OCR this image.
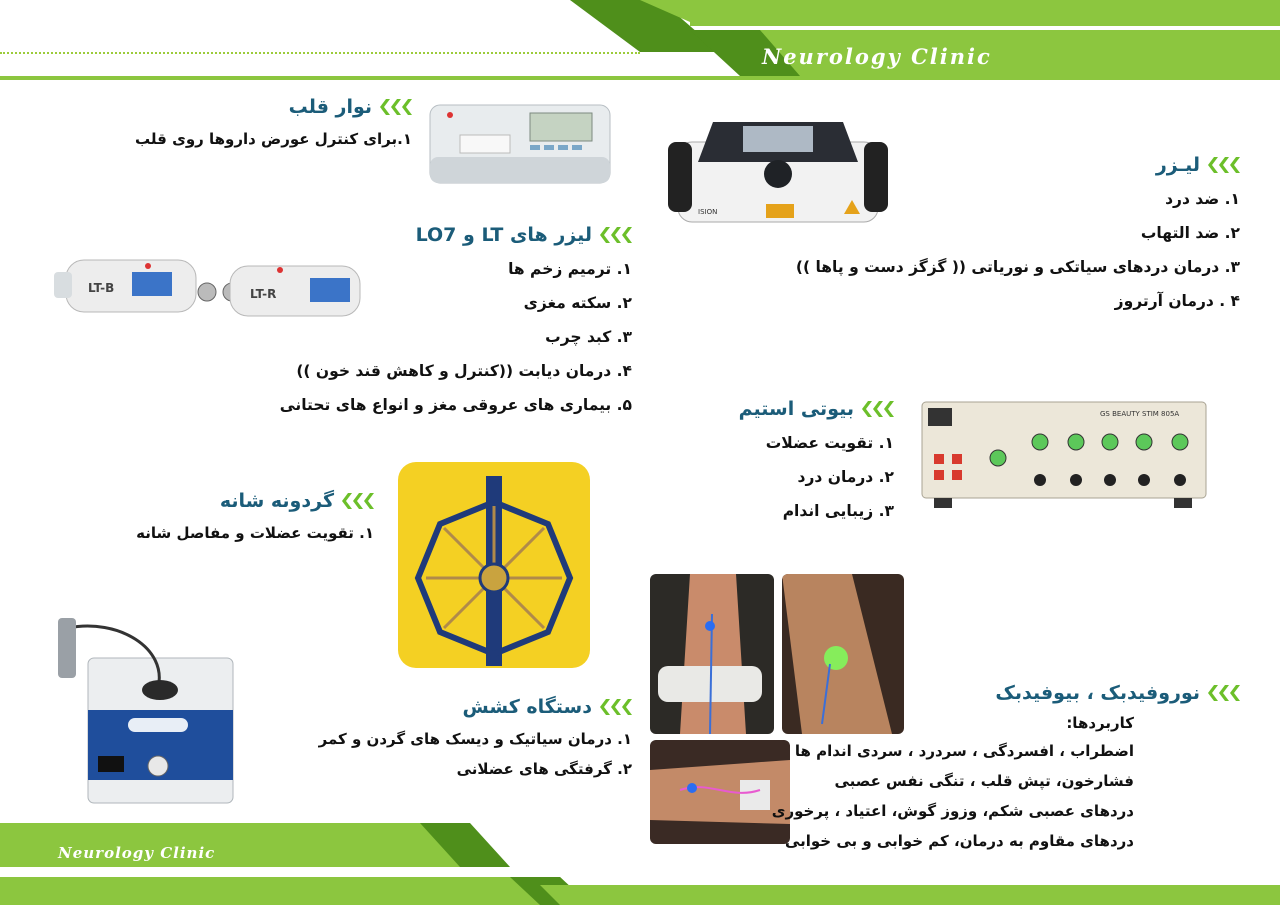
Neurology Clinic
Neurology Clinic
ISION
LT-B	LT-R
GS BEAUTY STIM 805A
نوار قلب
۱.برای کنترل عورض داروها روی قلب
لیـزر
۱. ضد درد
۲. ضد التهاب
۳. درمان دردهای سیاتکی و نوریاتی (( گزگز دست و پاها ))
۴ . درمان آرتروز
لیزر های LT و LO7
۱. ترمیم زخم ها
۲. سکته مغزی
۳. کبد چرب
۴. درمان دیابت ((کنترل و کاهش قند خون ))
۵. بیماری های عروقی مغز و انواع های تحتانی	بیوتی استیم
۱. تقویت عضلات
۲. درمان درد
۳. زیبایی اندام
گردونه شانه
۱. تقویت عضلات و مفاصل شانه
دستگاه کشش
۱. درمان سیاتیک و دیسک های گردن و کمر
۲. گرفتگی های عضلانی
نوروفیدبک ، بیوفیدبک
کاربردها:
اضطراب ، افسردگی ، سردرد ، سردی اندام ها
فشارخون، تپش قلب ، تنگی نفس عصبی
دردهای عصبی شکم، وزوز گوش، اعتیاد ، پرخوری
دردهای مقاوم به درمان، کم خوابی و بی خوابی
